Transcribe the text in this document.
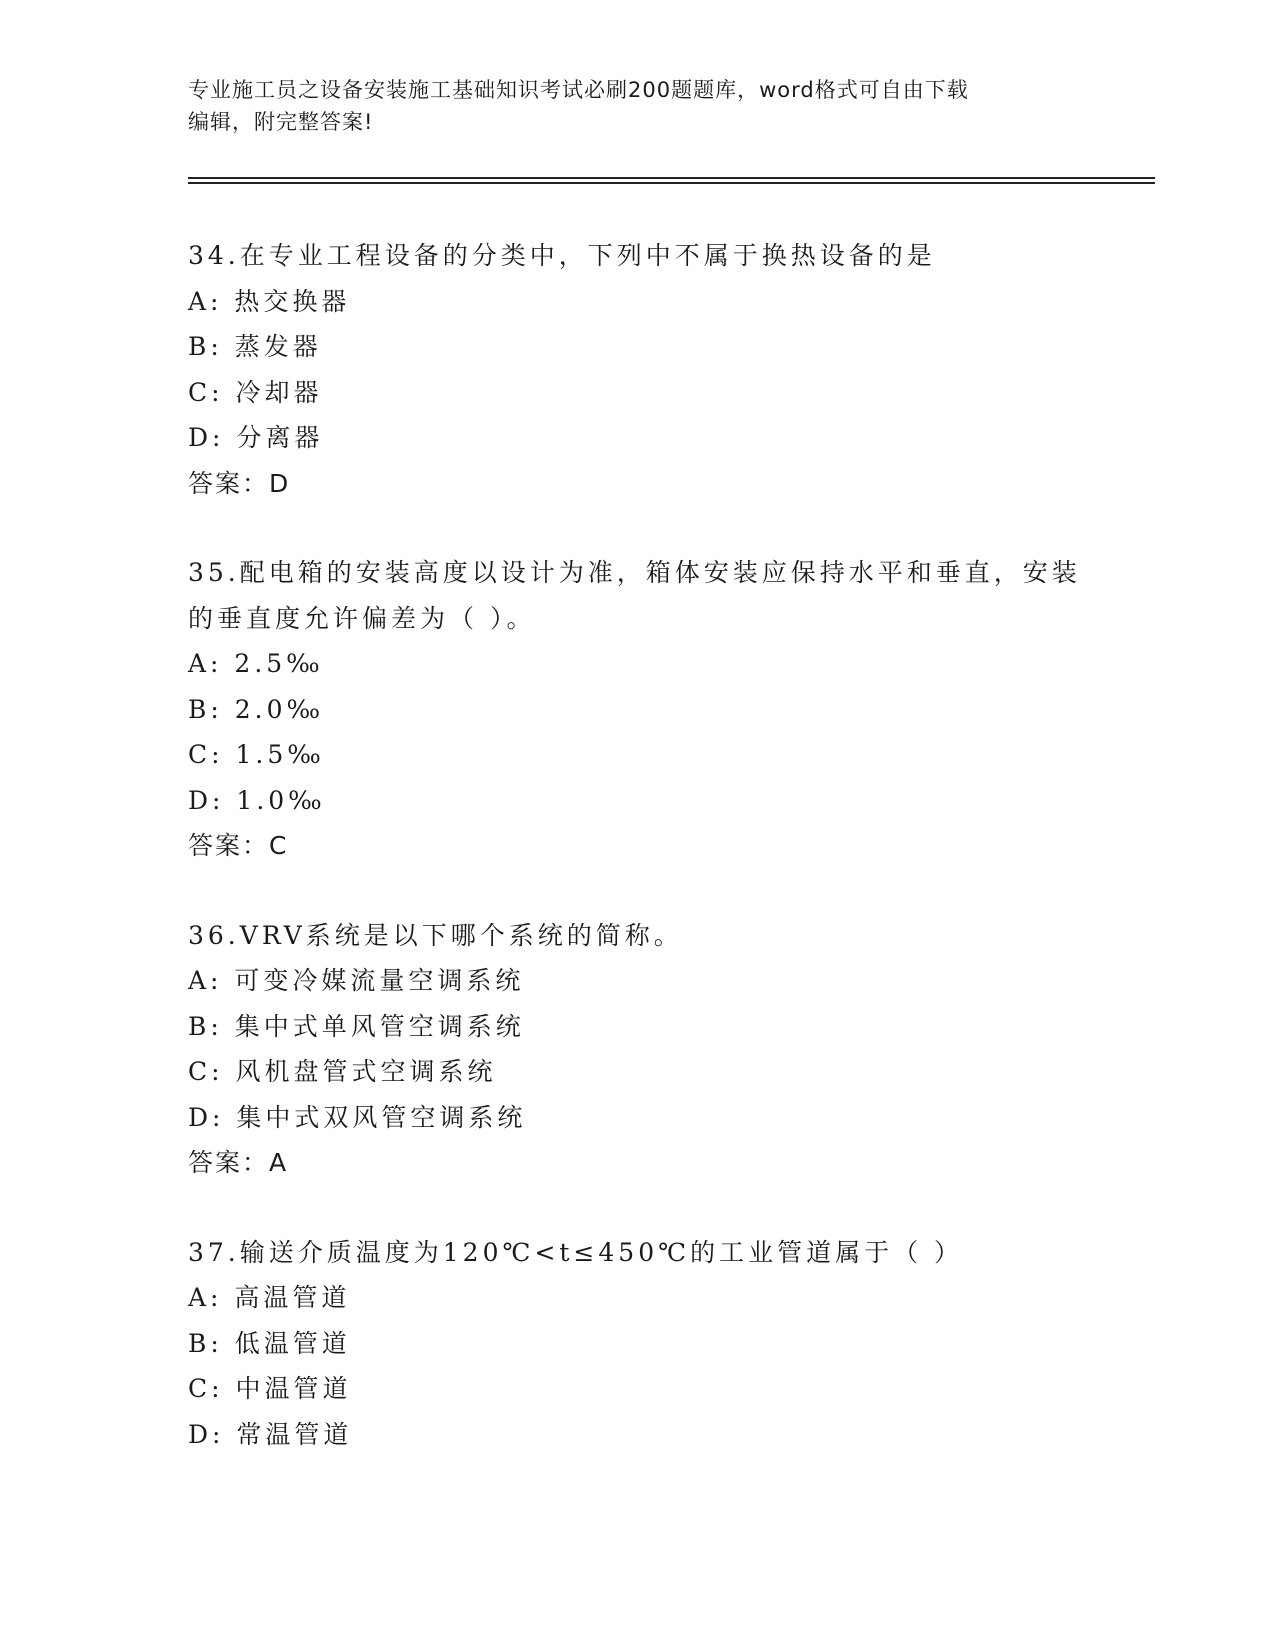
专业施工员之设备安装施工基础知识考试必刷200题题库，word格式可自由下载
编辑，附完整答案!
34.在专业工程设备的分类中，下列中不属于换热设备的是
A: 热交换器
B: 蒸发器
C: 冷却器
D: 分离器
答案：D
35.配电箱的安装高度以设计为准，箱体安装应保持水平和垂直，安装
的垂直度允许偏差为（ ）。
A: 2.5‰
B: 2.0‰
C: 1.5‰
D: 1.0‰
答案：C
36.VRV系统是以下哪个系统的简称。
A: 可变冷媒流量空调系统
B: 集中式单风管空调系统
C: 风机盘管式空调系统
D: 集中式双风管空调系统
答案：A
37.输送介质温度为120℃<t≤450℃的工业管道属于（ ）
A: 高温管道
B: 低温管道
C: 中温管道
D: 常温管道
